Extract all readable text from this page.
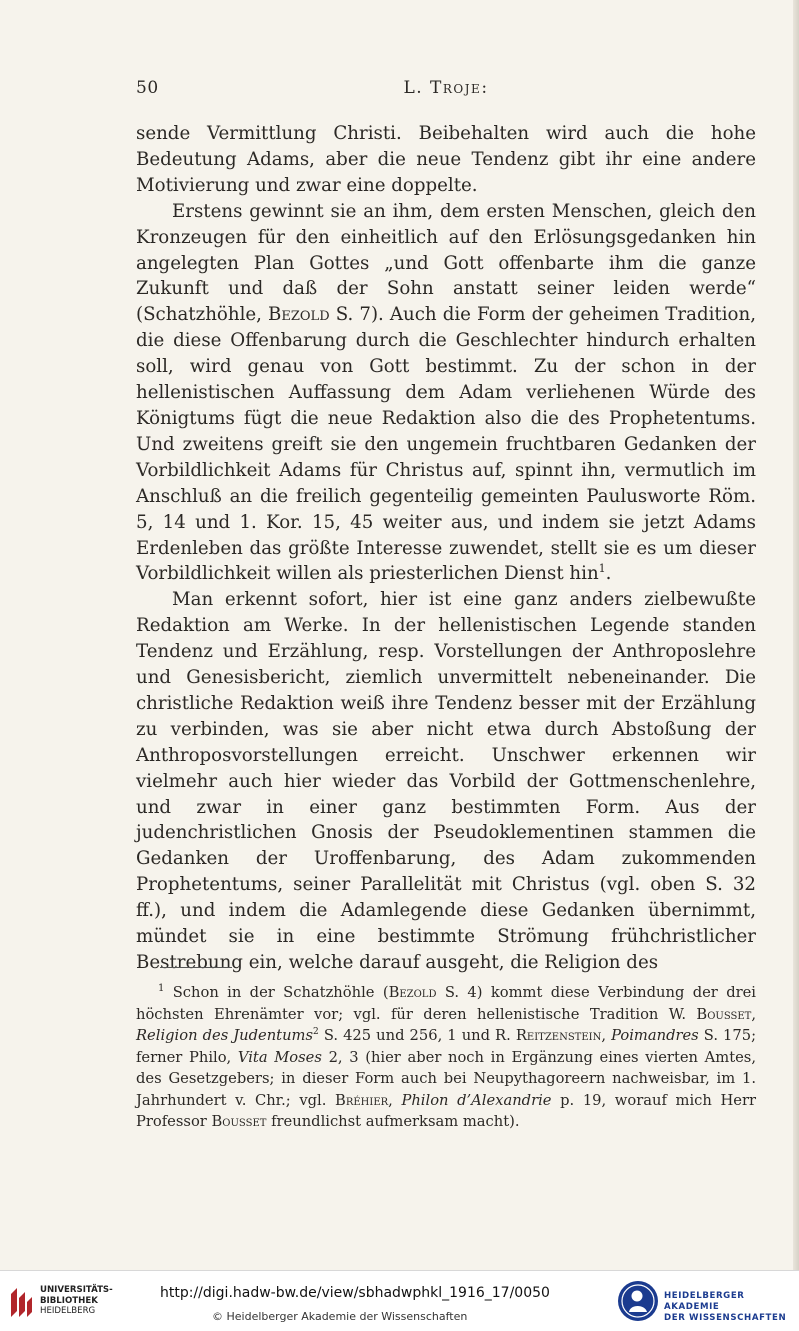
50	L. Troje:

sende Vermittlung Christi. Beibehalten wird auch die hohe Bedeutung Adams, aber die neue Tendenz gibt ihr eine andere Motivierung und zwar eine doppelte.

Erstens gewinnt sie an ihm, dem ersten Menschen, gleich den Kronzeugen für den einheitlich auf den Erlösungsgedanken hin angelegten Plan Gottes „und Gott offenbarte ihm die ganze Zukunft und daß der Sohn anstatt seiner leiden werde“ (Schatzhöhle, Bezold S. 7). Auch die Form der geheimen Tradition, die diese Offenbarung durch die Geschlechter hindurch erhalten soll, wird genau von Gott bestimmt. Zu der schon in der hellenistischen Auffassung dem Adam verliehenen Würde des Königtums fügt die neue Redaktion also die des Prophetentums. Und zweitens greift sie den ungemein fruchtbaren Gedanken der Vorbildlichkeit Adams für Christus auf, spinnt ihn, vermutlich im Anschluß an die freilich gegenteilig gemeinten Paulusworte Röm. 5, 14 und 1. Kor. 15, 45 weiter aus, und indem sie jetzt Adams Erdenleben das größte Interesse zuwendet, stellt sie es um dieser Vorbildlichkeit willen als priesterlichen Dienst hin$^1$.

Man erkennt sofort, hier ist eine ganz anders zielbewußte Redaktion am Werke. In der hellenistischen Legende standen Tendenz und Erzählung, resp. Vorstellungen der Anthroposlehre und Genesisbericht, ziemlich unvermittelt nebeneinander. Die christliche Redaktion weiß ihre Tendenz besser mit der Erzählung zu verbinden, was sie aber nicht etwa durch Abstoßung der Anthroposvorstellungen erreicht. Unschwer erkennen wir vielmehr auch hier wieder das Vorbild der Gottmenschenlehre, und zwar in einer ganz bestimmten Form. Aus der judenchristlichen Gnosis der Pseudoklementinen stammen die Gedanken der Uroffenbarung, des Adam zukommenden Prophetentums, seiner Parallelität mit Christus (vgl. oben S. 32 ff.), und indem die Adamlegende diese Gedanken übernimmt, mündet sie in eine bestimmte Strömung frühchristlicher Bestrebung ein, welche darauf ausgeht, die Religion des

$^1$ Schon in der Schatzhöhle (Bezold S. 4) kommt diese Verbindung der drei höchsten Ehrenämter vor; vgl. für deren hellenistische Tradition W. Bousset, Religion des Judentums$^2$ S. 425 und 256, 1 und R. Reitzenstein, Poimandres S. 175; ferner Philo, Vita Moses 2, 3 (hier aber noch in Ergänzung eines vierten Amtes, des Gesetzgebers; in dieser Form auch bei Neupythagoreern nachweisbar, im 1. Jahrhundert v. Chr.; vgl. Bréhier, Philon d’Alexandrie p. 19, worauf mich Herr Professor Bousset freundlichst aufmerksam macht).

UNIVERSITÄTS-
BIBLIOTHEK
HEIDELBERG
http://digi.hadw-bw.de/view/sbhadwphkl_1916_17/0050
© Heidelberger Akademie der Wissenschaften
HEIDELBERGER AKADEMIE
DER WISSENSCHAFTEN
